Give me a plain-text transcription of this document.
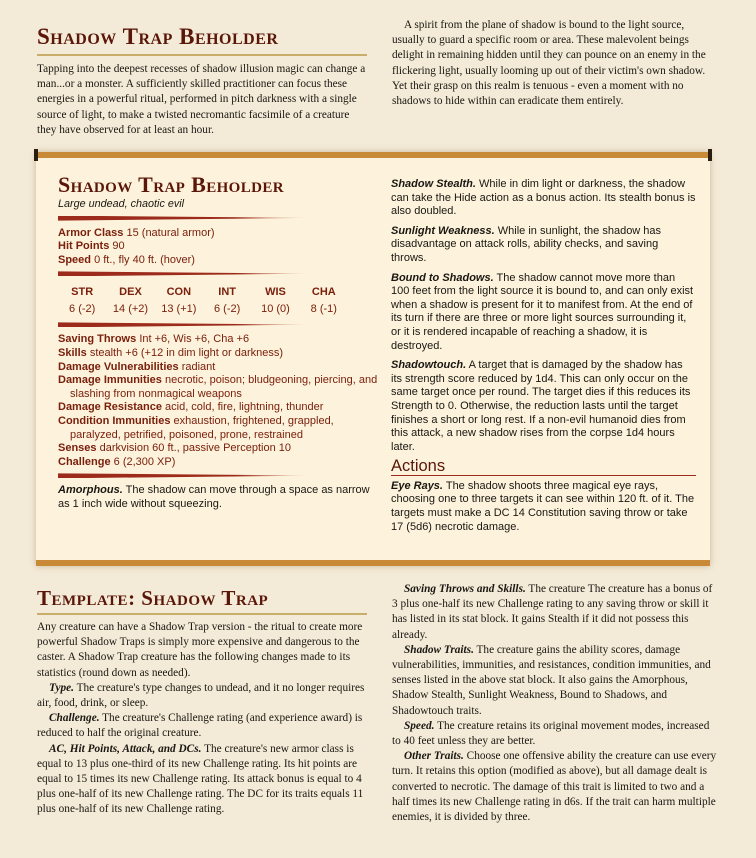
Shadow Trap Beholder

Tapping into the deepest recesses of shadow illusion magic can change a man...or a monster. A sufficiently skilled practitioner can focus these energies in a powerful ritual, performed in pitch darkness with a single source of light, to make a twisted necromantic facsimile of a creature they have observed for at least an hour.

A spirit from the plane of shadow is bound to the light source, usually to guard a specific room or area. These malevolent beings delight in remaining hidden until they can pounce on an enemy in the flickering light, usually looming up out of their victim's own shadow. Yet their grasp on this realm is tenuous - even a moment with no shadows to hide within can eradicate them entirely.

Shadow Trap Beholder
Large undead, chaotic evil
Armor Class 15 (natural armor)
Hit Points 90
Speed 0 ft., fly 40 ft. (hover)
STR
6 (-2)
DEX
14 (+2)
CON
13 (+1)
INT
6 (-2)
WIS
10 (0)
CHA
8 (-1)
Saving Throws Int +6, Wis +6, Cha +6
Skills stealth +6 (+12 in dim light or darkness)
Damage Vulnerabilities radiant
Damage Immunities necrotic, poison; bludgeoning, piercing, and slashing from nonmagical weapons
Damage Resistance acid, cold, fire, lightning, thunder
Condition Immunities exhaustion, frightened, grappled, paralyzed, petrified, poisoned, prone, restrained
Senses darkvision 60 ft., passive Perception 10
Challenge 6 (2,300 XP)
Amorphous. The shadow can move through a space as narrow as 1 inch wide without squeezing.
Shadow Stealth. While in dim light or darkness, the shadow can take the Hide action as a bonus action. Its stealth bonus is also doubled.
Sunlight Weakness. While in sunlight, the shadow has disadvantage on attack rolls, ability checks, and saving throws.
Bound to Shadows. The shadow cannot move more than 100 feet from the light source it is bound to, and can only exist when a shadow is present for it to manifest from. At the end of its turn if there are three or more light sources surrounding it, or it is rendered incapable of reaching a shadow, it is destroyed.
Shadowtouch. A target that is damaged by the shadow has its strength score reduced by 1d4. This can only occur on the same target once per round. The target dies if this reduces its Strength to 0. Otherwise, the reduction lasts until the target finishes a short or long rest. If a non-evil humanoid dies from this attack, a new shadow rises from the corpse 1d4 hours later.
Actions
Eye Rays. The shadow shoots three magical eye rays, choosing one to three targets it can see within 120 ft. of it. The targets must make a DC 14 Constitution saving throw or take 17 (5d6) necrotic damage.
Template: Shadow Trap

Any creature can have a Shadow Trap version - the ritual to create more powerful Shadow Traps is simply more expensive and dangerous to the caster. A Shadow Trap creature has the following changes made to its statistics (round down as needed).

Type. The creature's type changes to undead, and it no longer requires air, food, drink, or sleep.

Challenge. The creature's Challenge rating (and experience award) is reduced to half the original creature.

AC, Hit Points, Attack, and DCs. The creature's new armor class is equal to 13 plus one-third of its new Challenge rating. Its hit points are equal to 15 times its new Challenge rating. Its attack bonus is equal to 4 plus one-half of its new Challenge rating. The DC for its traits equals 11 plus one-half of its new Challenge rating.

Saving Throws and Skills. The creature The creature has a bonus of 3 plus one-half its new Challenge rating to any saving throw or skill it has listed in its stat block. It gains Stealth if it did not possess this already.

Shadow Traits. The creature gains the ability scores, damage vulnerabilities, immunities, and resistances, condition immunities, and senses listed in the above stat block. It also gains the Amorphous, Shadow Stealth, Sunlight Weakness, Bound to Shadows, and Shadowtouch traits.

Speed. The creature retains its original movement modes, increased to 40 feet unless they are better.

Other Traits. Choose one offensive ability the creature can use every turn. It retains this option (modified as above), but all damage dealt is converted to necrotic. The damage of this trait is limited to two and a half times its new Challenge rating in d6s. If the trait can harm multiple enemies, it is divided by three.
